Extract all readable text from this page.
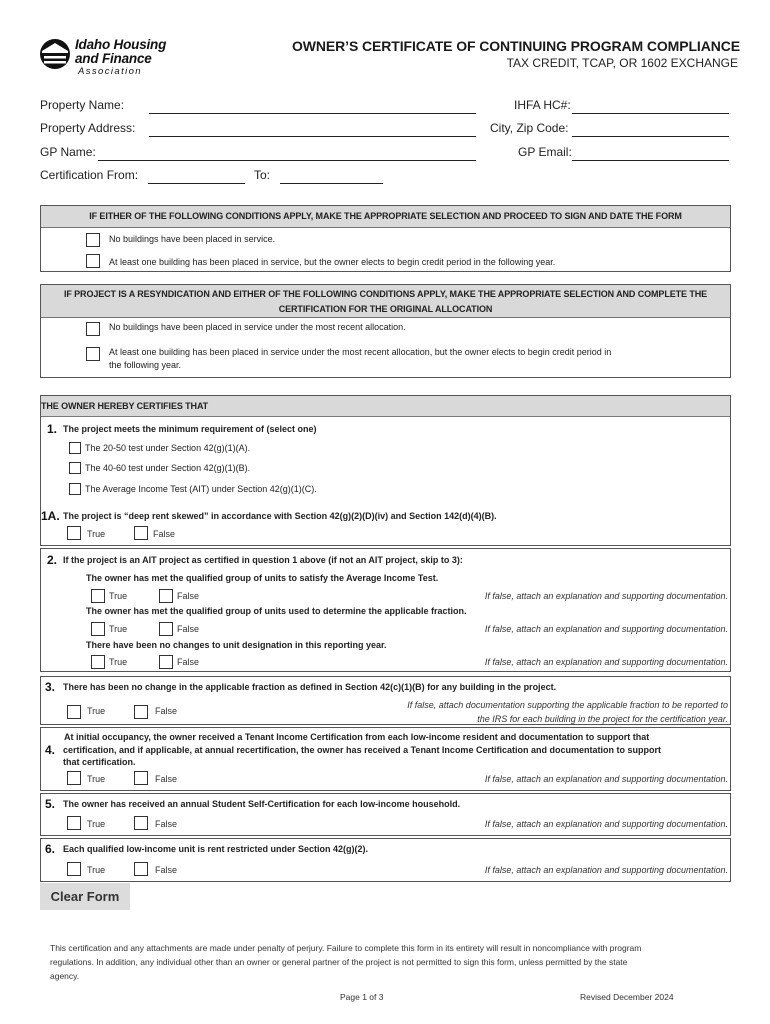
Idaho Housing
and Finance
Association
OWNER’S CERTIFICATE OF CONTINUING PROGRAM COMPLIANCE
TAX CREDIT, TCAP, OR 1602 EXCHANGE
Property Name:	IHFA HC#:
Property Address:	City, Zip Code:
GP Name:	GP Email:
Certification From:	To:
IF EITHER OF THE FOLLOWING CONDITIONS APPLY, MAKE THE APPROPRIATE SELECTION AND PROCEED TO SIGN AND DATE THE FORM
No buildings have been placed in service.
At least one building has been placed in service, but the owner elects to begin credit period in the following year.
IF PROJECT IS A RESYNDICATION AND EITHER OF THE FOLLOWING CONDITIONS APPLY, MAKE THE APPROPRIATE SELECTION AND COMPLETE THE
CERTIFICATION FOR THE ORIGINAL ALLOCATION
No buildings have been placed in service under the most recent allocation.
At least one building has been placed in service under the most recent allocation, but the owner elects to begin credit period in
the following year.
THE OWNER HEREBY CERTIFIES THAT
1. The project meets the minimum requirement of (select one)
The 20-50 test under Section 42(g)(1)(A).
The 40-60 test under Section 42(g)(1)(B).
The Average Income Test (AIT) under Section 42(g)(1)(C).
1A. The project is “deep rent skewed” in accordance with Section 42(g)(2)(D)(iv) and Section 142(d)(4)(B).
True	False
2. If the project is an AIT project as certified in question 1 above (if not an AIT project, skip to 3):
The owner has met the qualified group of units to satisfy the Average Income Test.
True	False	If false, attach an explanation and supporting documentation.
The owner has met the qualified group of units used to determine the applicable fraction.
True	False	If false, attach an explanation and supporting documentation.
There have been no changes to unit designation in this reporting year.
True	False	If false, attach an explanation and supporting documentation.
3. There has been no change in the applicable fraction as defined in Section 42(c)(1)(B) for any building in the project.
True	False
If false, attach documentation supporting the applicable fraction to be reported to
the IRS for each building in the project for the certification year.
4.
At initial occupancy, the owner received a Tenant Income Certification from each low-income resident and documentation to support that
certification, and if applicable, at annual recertification, the owner has received a Tenant Income Certification and documentation to support
that certification.
True	False	If false, attach an explanation and supporting documentation.
5. The owner has received an annual Student Self-Certification for each low-income household.
True	False	If false, attach an explanation and supporting documentation.
6. Each qualified low-income unit is rent restricted under Section 42(g)(2).
True	False	If false, attach an explanation and supporting documentation.
Clear Form
This certification and any attachments are made under penalty of perjury. Failure to complete this form in its entirety will result in noncompliance with program
regulations. In addition, any individual other than an owner or general partner of the project is not permitted to sign this form, unless permitted by the state
agency.
Page 1 of 3	Revised December 2024
